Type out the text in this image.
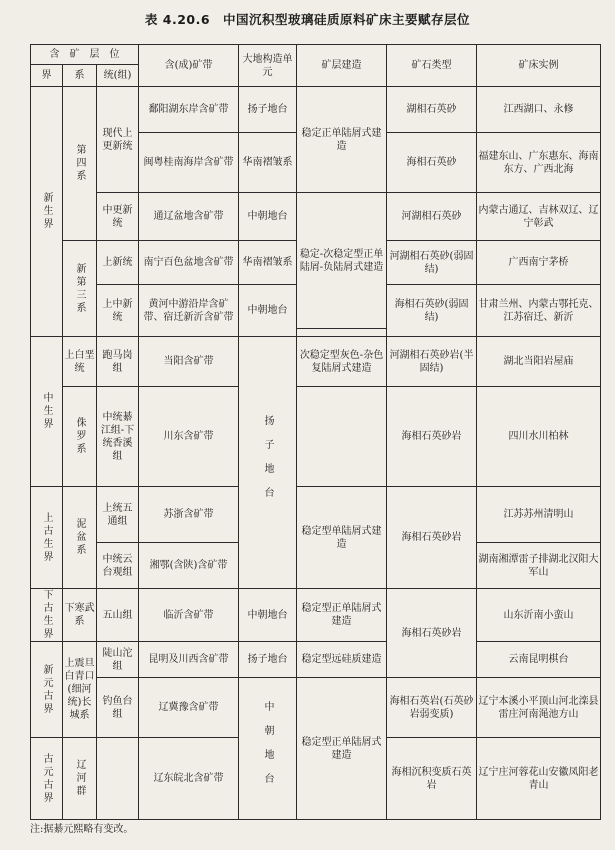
表 4.20.6　中国沉积型玻璃硅质原料矿床主要赋存层位
含　矿　层　位			含(成)矿带	大地构造单　元	矿层建造	矿石类型	矿床实例
界	系	统(组)					

新生界	第四系	现代上更新统	鄱阳湖东岸含矿带	扬子地台	稳定正单陆屑式建造	湖相石英砂	江西湖口、永修
			闽粤桂南海岸含矿带	华南褶皱系		海相石英砂	福建东山、广东惠东、海南东方、广西北海
		中更新统	通辽盆地含矿带	中朝地台	稳定-次稳定型正单陆屑-负陆屑式建造	河湖相石英砂	内蒙古通辽、吉林双辽、辽宁彰武

	新第三系	上新统	南宁百色盆地含矿带	华南褶皱系		河湖相石英砂(弱固结)	广西南宁茅桥
		上中新统	黄河中游沿岸含矿带、宿迁新沂含矿带	中朝地台		海相石英砂(弱固结)	甘肃兰州、内蒙古鄂托克、江苏宿迁、新沂

中生界	上白垩统	跑马岗组	当阳含矿带	扬子地台	次稳定型灰色-杂色复陆屑式建造	河湖相石英砂岩(半固结)	湖北当阳岩屋庙

	侏罗系	中统綦江组-下统香溪组	川东含矿带			海相石英砂岩	四川水川柏林

上古生界	泥盆系	上统五通组	苏浙含矿带		稳定型单陆屑式建造	海相石英砂岩	江苏苏州清明山
		中统云台观组	湘鄂(含陕)含矿带				湖南湘潭雷子排湖北汉阳大军山

下古生界	下寒武系	五山组	临沂含矿带	中朝地台	稳定型正单陆屑式建造	海相石英砂岩	山东沂南小蛮山

新元古界	上震旦白青口(细河统)长城系	陡山沱组	昆明及川西含矿带	扬子地台	稳定型远硅质建造		云南昆明棋台
		钓鱼台组	辽冀豫含矿带	中朝地台	稳定型正单陆屑式建造	海相石英岩(石英砂岩弱变质)	辽宁本溪小平顶山河北滦县雷庄河南渑池方山

古元古界	辽河群		辽东皖北含矿带			海相沉积变质石英岩	辽宁庄河蓉花山安徽凤阳老青山
注:据綦元熙略有变改。
